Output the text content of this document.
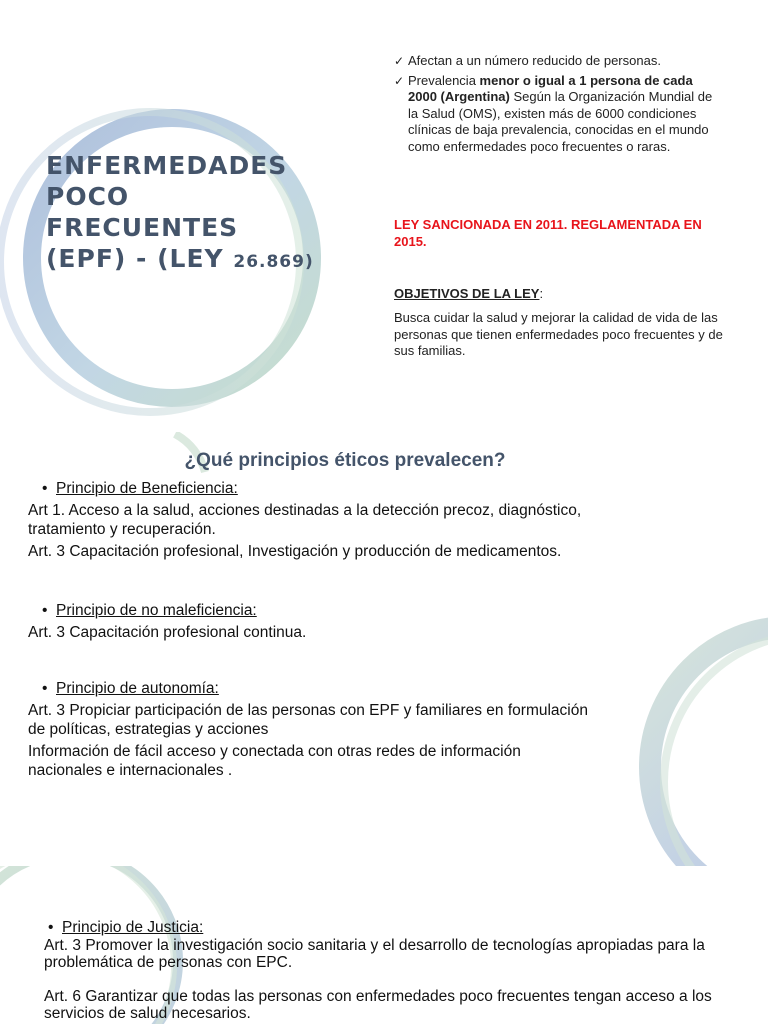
ENFERMEDADES
POCO
FRECUENTES
(EPF) - (LEY 26.869)
✓ Afectan a un número reducido de personas.
✓ Prevalencia menor o igual a 1 persona de cada 2000 (Argentina) Según la Organización Mundial de la Salud (OMS), existen más de 6000 condiciones clínicas de baja prevalencia, conocidas en el mundo como enfermedades poco frecuentes o raras.
LEY SANCIONADA EN 2011. REGLAMENTADA EN 2015.
OBJETIVOS DE LA LEY:
Busca cuidar la salud y mejorar la calidad de vida de las personas que tienen enfermedades poco frecuentes y de sus familias.
¿Qué principios éticos prevalecen?
• Principio de Beneficiencia:
Art 1. Acceso a la salud, acciones destinadas a la detección precoz, diagnóstico, tratamiento y recuperación.
Art. 3 Capacitación profesional, Investigación y producción de medicamentos.
• Principio de no maleficiencia:
Art. 3 Capacitación profesional continua.
• Principio de autonomía:
Art. 3 Propiciar participación de las personas con EPF y familiares en formulación de políticas, estrategias y acciones
Información de fácil acceso y conectada con otras redes de información nacionales e internacionales .
• Principio de Justicia:
Art. 3 Promover la investigación socio sanitaria y el desarrollo de tecnologías apropiadas para la problemática de personas con EPC.
Art. 6 Garantizar que todas las personas con enfermedades poco frecuentes tengan acceso a los servicios de salud necesarios.
